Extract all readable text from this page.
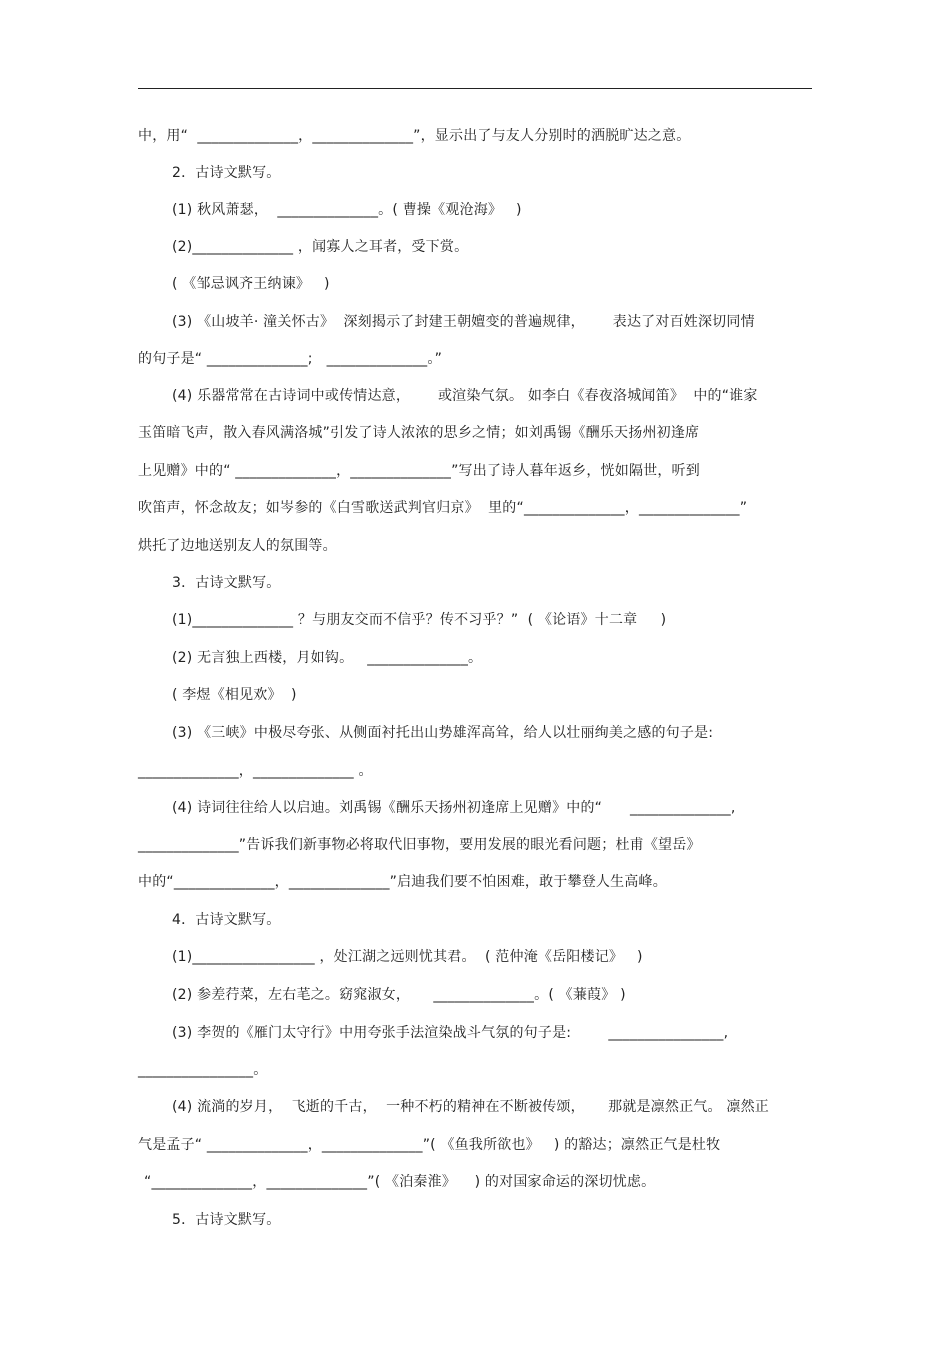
中，用“  ______________，______________”，显示出了与友人分别时的洒脱旷达之意。
2．古诗文默写。
(1) 秋风萧瑟，  ______________。( 曹操《观沧海》   )
(2)______________ ，闻寡人之耳者，受下赏。
( 《邹忌讽齐王纳谏》   )
(3) 《山坡羊· 潼关怀古》  深刻揭示了封建王朝嬗变的普遍规律，      表达了对百姓深切同情
的句子是“ ______________;   ______________。”
(4) 乐器常常在古诗词中或传情达意，      或渲染气氛。 如李白《春夜洛城闻笛》  中的“谁家
玉笛暗飞声，散入春风满洛城”引发了诗人浓浓的思乡之情；如刘禹锡《酬乐天扬州初逢席
上见赠》中的“ ______________，______________”写出了诗人暮年返乡，恍如隔世，听到
吹笛声，怀念故友；如岑参的《白雪歌送武判官归京》  里的“______________，______________”
烘托了边地送别友人的氛围等。
3．古诗文默写。
(1)______________ ？与朋友交而不信乎？传不习乎？”  ( 《论语》十二章     )
(2) 无言独上西楼，月如钩。   ______________。
( 李煜《相见欢》  )
(3) 《三峡》中极尽夸张、从侧面衬托出山势雄浑高耸，给人以壮丽绚美之感的句子是:
______________，______________ 。
(4) 诗词往往给人以启迪。刘禹锡《酬乐天扬州初逢席上见赠》中的“      ______________,
______________”告诉我们新事物必将取代旧事物，要用发展的眼光看问题；杜甫《望岳》
中的“______________，______________”启迪我们要不怕困难，敢于攀登人生高峰。
4．古诗文默写。
(1)_________________ ，处江湖之远则忧其君。  ( 范仲淹《岳阳楼记》   )
(2) 参差荇菜，左右芼之。窈窕淑女，     ______________。( 《蒹葭》 )
(3) 李贺的《雁门太守行》中用夸张手法渲染战斗气氛的句子是:        ________________,
________________。
(4) 流淌的岁月，  飞逝的千古，  一种不朽的精神在不断被传颂，     那就是凛然正气。 凛然正
气是孟子“ ______________，______________”( 《鱼我所欲也》   ) 的豁达；凛然正气是杜牧
“______________，______________”( 《泊秦淮》    ) 的对国家命运的深切忧虑。
5．古诗文默写。
